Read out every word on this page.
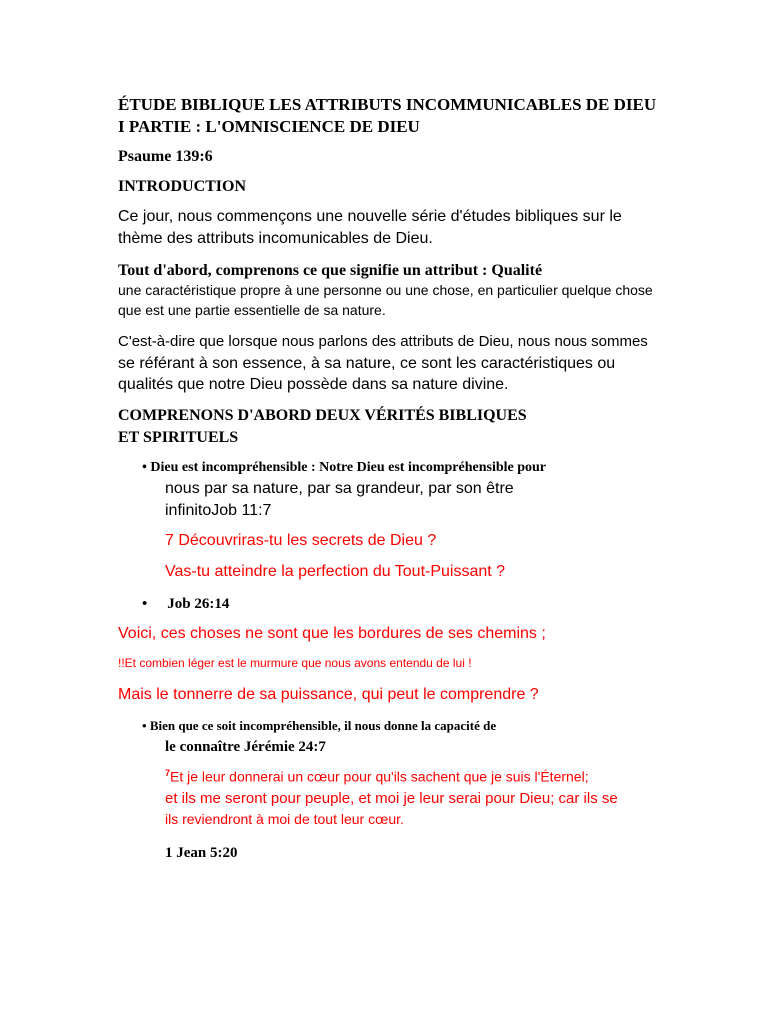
ÉTUDE BIBLIQUE LES ATTRIBUTS INCOMMUNICABLES DE DIEU
I PARTIE : L'OMNISCIENCE DE DIEU
Psaume 139:6
INTRODUCTION
Ce jour, nous commençons une nouvelle série d'études bibliques sur le
thème des attributs incomunicables de Dieu.
Tout d'abord, comprenons ce que signifie un attribut : Qualité
une caractéristique propre à une personne ou une chose, en particulier quelque chose
que est une partie essentielle de sa nature.
C'est-à-dire que lorsque nous parlons des attributs de Dieu, nous nous sommes
se référant à son essence, à sa nature, ce sont les caractéristiques ou
qualités que notre Dieu possède dans sa nature divine.
COMPRENONS D'ABORD DEUX VÉRITÉS BIBLIQUES
ET SPIRITUELS
• Dieu est incompréhensible : Notre Dieu est incompréhensible pour
nous par sa nature, par sa grandeur, par son être
infinitoJob 11:7
7 Découvriras-tu les secrets de Dieu ?
Vas-tu atteindre la perfection du Tout-Puissant ?
• Job 26:14
Voici, ces choses ne sont que les bordures de ses chemins ;
!!Et combien léger est le murmure que nous avons entendu de lui !
Mais le tonnerre de sa puissance, qui peut le comprendre ?
• Bien que ce soit incompréhensible, il nous donne la capacité de
le connaître Jérémie 24:7
$^7$Et je leur donnerai un cœur pour qu'ils sachent que je suis l'Éternel;
et ils me seront pour peuple, et moi je leur serai pour Dieu; car ils se
ils reviendront à moi de tout leur cœur.
1 Jean 5:20
